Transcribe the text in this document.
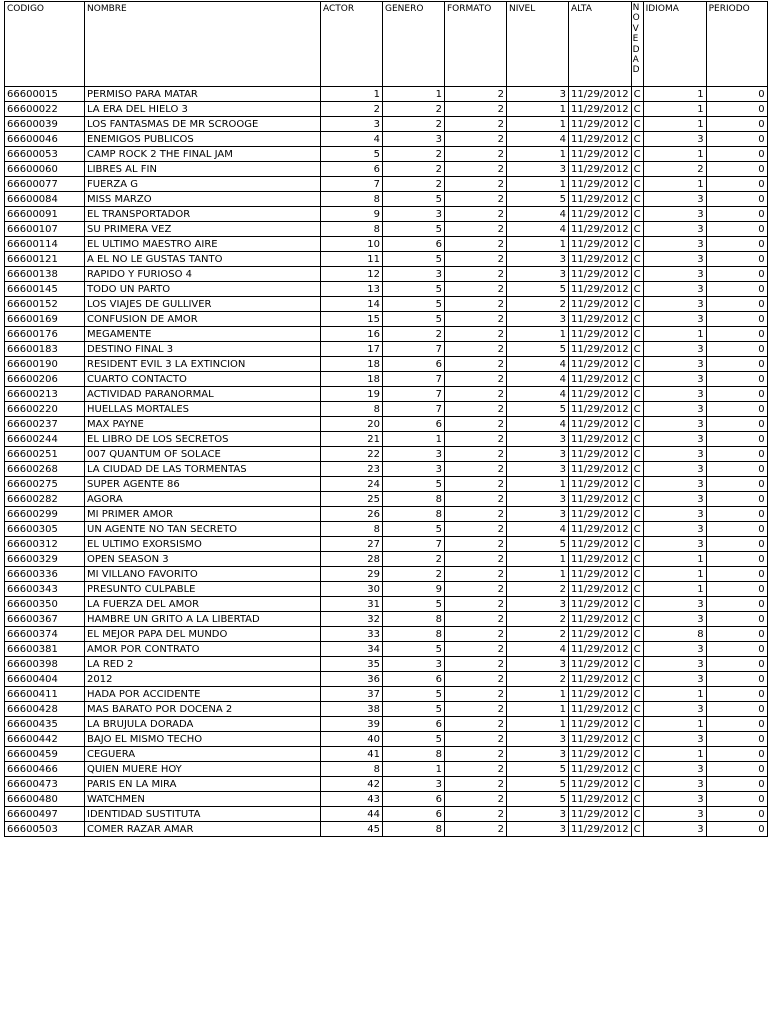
CODIGO	NOMBRE	ACTOR	GENERO	FORMATO	NIVEL	ALTA	NOVEDAD	IDIOMA	PERIODO
66600015	PERMISO PARA MATAR	1	1	2	3	11/29/2012	C	1	0
66600022	LA ERA DEL HIELO 3	2	2	2	1	11/29/2012	C	1	0
66600039	LOS FANTASMAS DE MR SCROOGE	3	2	2	1	11/29/2012	C	1	0
66600046	ENEMIGOS PUBLICOS	4	3	2	4	11/29/2012	C	3	0
66600053	CAMP ROCK 2 THE FINAL JAM	5	2	2	1	11/29/2012	C	1	0
66600060	LIBRES AL FIN	6	2	2	3	11/29/2012	C	2	0
66600077	FUERZA G	7	2	2	1	11/29/2012	C	1	0
66600084	MISS MARZO	8	5	2	5	11/29/2012	C	3	0
66600091	EL TRANSPORTADOR	9	3	2	4	11/29/2012	C	3	0
66600107	SU PRIMERA VEZ	8	5	2	4	11/29/2012	C	3	0
66600114	EL ULTIMO MAESTRO AIRE	10	6	2	1	11/29/2012	C	3	0
66600121	A EL NO LE GUSTAS TANTO	11	5	2	3	11/29/2012	C	3	0
66600138	RAPIDO Y FURIOSO 4	12	3	2	3	11/29/2012	C	3	0
66600145	TODO UN PARTO	13	5	2	5	11/29/2012	C	3	0
66600152	LOS VIAJES DE GULLIVER	14	5	2	2	11/29/2012	C	3	0
66600169	CONFUSION DE AMOR	15	5	2	3	11/29/2012	C	3	0
66600176	MEGAMENTE	16	2	2	1	11/29/2012	C	1	0
66600183	DESTINO FINAL 3	17	7	2	5	11/29/2012	C	3	0
66600190	RESIDENT EVIL 3 LA EXTINCION	18	6	2	4	11/29/2012	C	3	0
66600206	CUARTO CONTACTO	18	7	2	4	11/29/2012	C	3	0
66600213	ACTIVIDAD PARANORMAL	19	7	2	4	11/29/2012	C	3	0
66600220	HUELLAS MORTALES	8	7	2	5	11/29/2012	C	3	0
66600237	MAX PAYNE	20	6	2	4	11/29/2012	C	3	0
66600244	EL LIBRO DE LOS SECRETOS	21	1	2	3	11/29/2012	C	3	0
66600251	007 QUANTUM OF SOLACE	22	3	2	3	11/29/2012	C	3	0
66600268	LA CIUDAD DE LAS TORMENTAS	23	3	2	3	11/29/2012	C	3	0
66600275	SUPER AGENTE 86	24	5	2	1	11/29/2012	C	3	0
66600282	AGORA	25	8	2	3	11/29/2012	C	3	0
66600299	MI PRIMER AMOR	26	8	2	3	11/29/2012	C	3	0
66600305	UN AGENTE NO TAN SECRETO	8	5	2	4	11/29/2012	C	3	0
66600312	EL ULTIMO EXORSISMO	27	7	2	5	11/29/2012	C	3	0
66600329	OPEN SEASON 3	28	2	2	1	11/29/2012	C	1	0
66600336	MI VILLANO FAVORITO	29	2	2	1	11/29/2012	C	1	0
66600343	PRESUNTO CULPABLE	30	9	2	2	11/29/2012	C	1	0
66600350	LA FUERZA DEL AMOR	31	5	2	3	11/29/2012	C	3	0
66600367	HAMBRE UN GRITO A LA LIBERTAD	32	8	2	2	11/29/2012	C	3	0
66600374	EL MEJOR PAPA DEL MUNDO	33	8	2	2	11/29/2012	C	8	0
66600381	AMOR POR CONTRATO	34	5	2	4	11/29/2012	C	3	0
66600398	LA RED 2	35	3	2	3	11/29/2012	C	3	0
66600404	2012	36	6	2	2	11/29/2012	C	3	0
66600411	HADA POR ACCIDENTE	37	5	2	1	11/29/2012	C	1	0
66600428	MAS BARATO POR DOCENA 2	38	5	2	1	11/29/2012	C	3	0
66600435	LA BRUJULA DORADA	39	6	2	1	11/29/2012	C	1	0
66600442	BAJO EL MISMO TECHO	40	5	2	3	11/29/2012	C	3	0
66600459	CEGUERA	41	8	2	3	11/29/2012	C	1	0
66600466	QUIEN MUERE HOY	8	1	2	5	11/29/2012	C	3	0
66600473	PARIS EN LA MIRA	42	3	2	5	11/29/2012	C	3	0
66600480	WATCHMEN	43	6	2	5	11/29/2012	C	3	0
66600497	IDENTIDAD SUSTITUTA	44	6	2	3	11/29/2012	C	3	0
66600503	COMER RAZAR AMAR	45	8	2	3	11/29/2012	C	3	0
